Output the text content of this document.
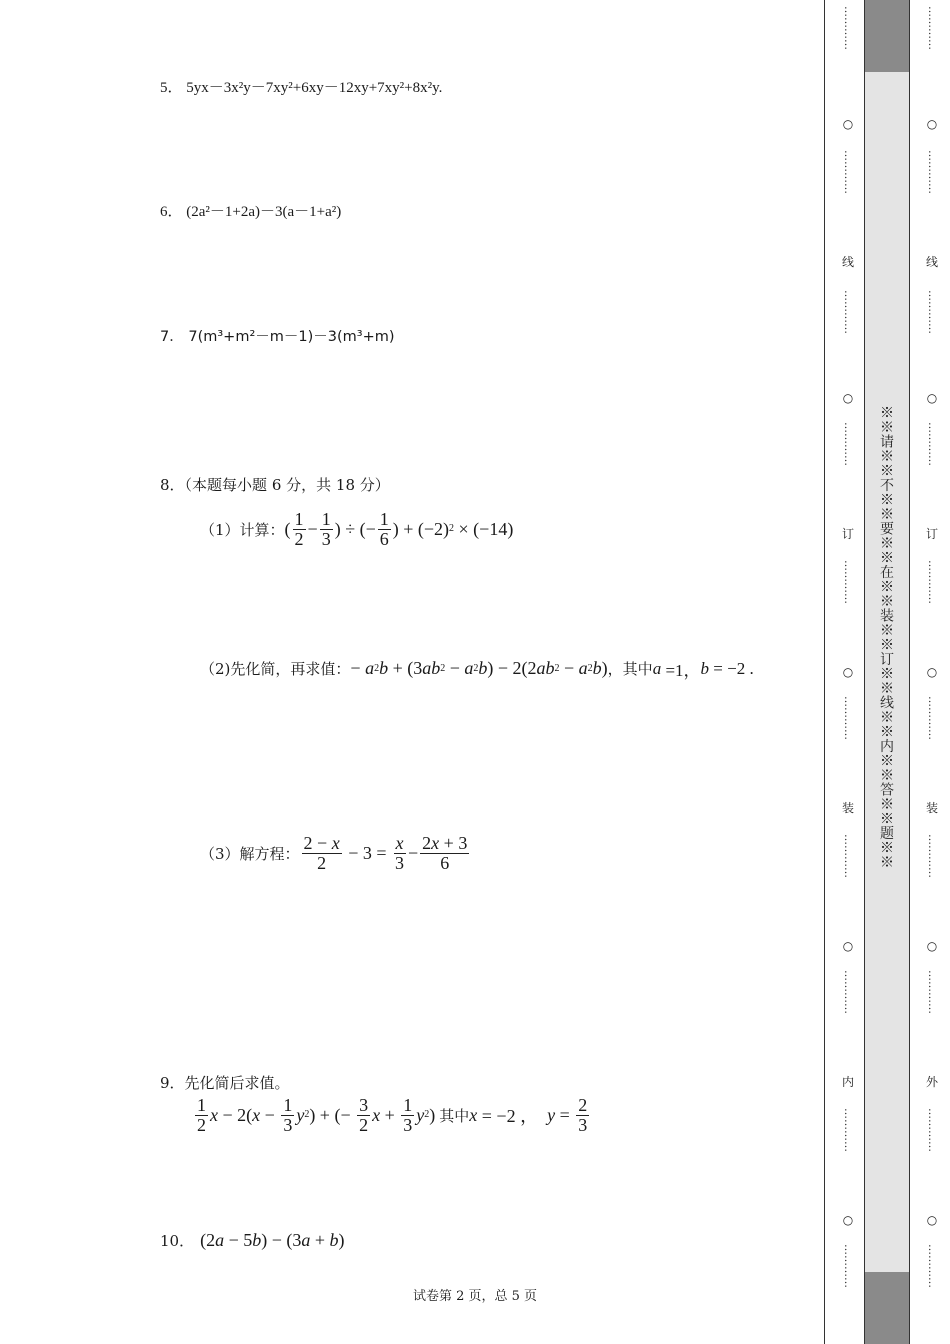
5． 5yx－3x²y－7xy²+6xy－12xy+7xy²+8x²y.
6． (2a²－1+2a)－3(a－1+a²)
7． 7(m³+m²－m－1)－3(m³+m)
8．（本题每小题 6 分，共 18 分）
（1）计算： ( $\frac{1}{2} - \frac{1}{3}$ ) ÷ (− $\frac{1}{6}$ ) + (−2) 2 × (−14)
（2)先化简，再求值： − a 2 b + (3 ab 2 − a 2 b ) − 2(2 ab 2 − a 2 b ) ，其中 a =1， b = −2 .
（3）解方程： $\frac{2 - x}{2} - 3 = \frac{x}{3} - \frac{2x + 3}{6}$
9．先化简后求值。
$\frac{1}{2}$ x − 2( $x - \frac{1}{3}$ y 2 ) + (− $\frac{3}{2}$ $x + \frac{1}{3}$ y 2 ) 其中 x = −2 ， $y = \frac{2}{3}$
10． (2 a − 5 b ) − (3 a + b )
试卷第 2 页，总 5 页
※※请※※不※※要※※在※※装※※订※※线※※内※※答※※题※※
…………
○
…………
线
…………
○
…………
订
…………
○
…………
装
…………
○
…………
内
…………
○
…………
…………
○
…………
线
…………
○
…………
订
…………
○
…………
装
…………
○
…………
外
…………
○
…………
